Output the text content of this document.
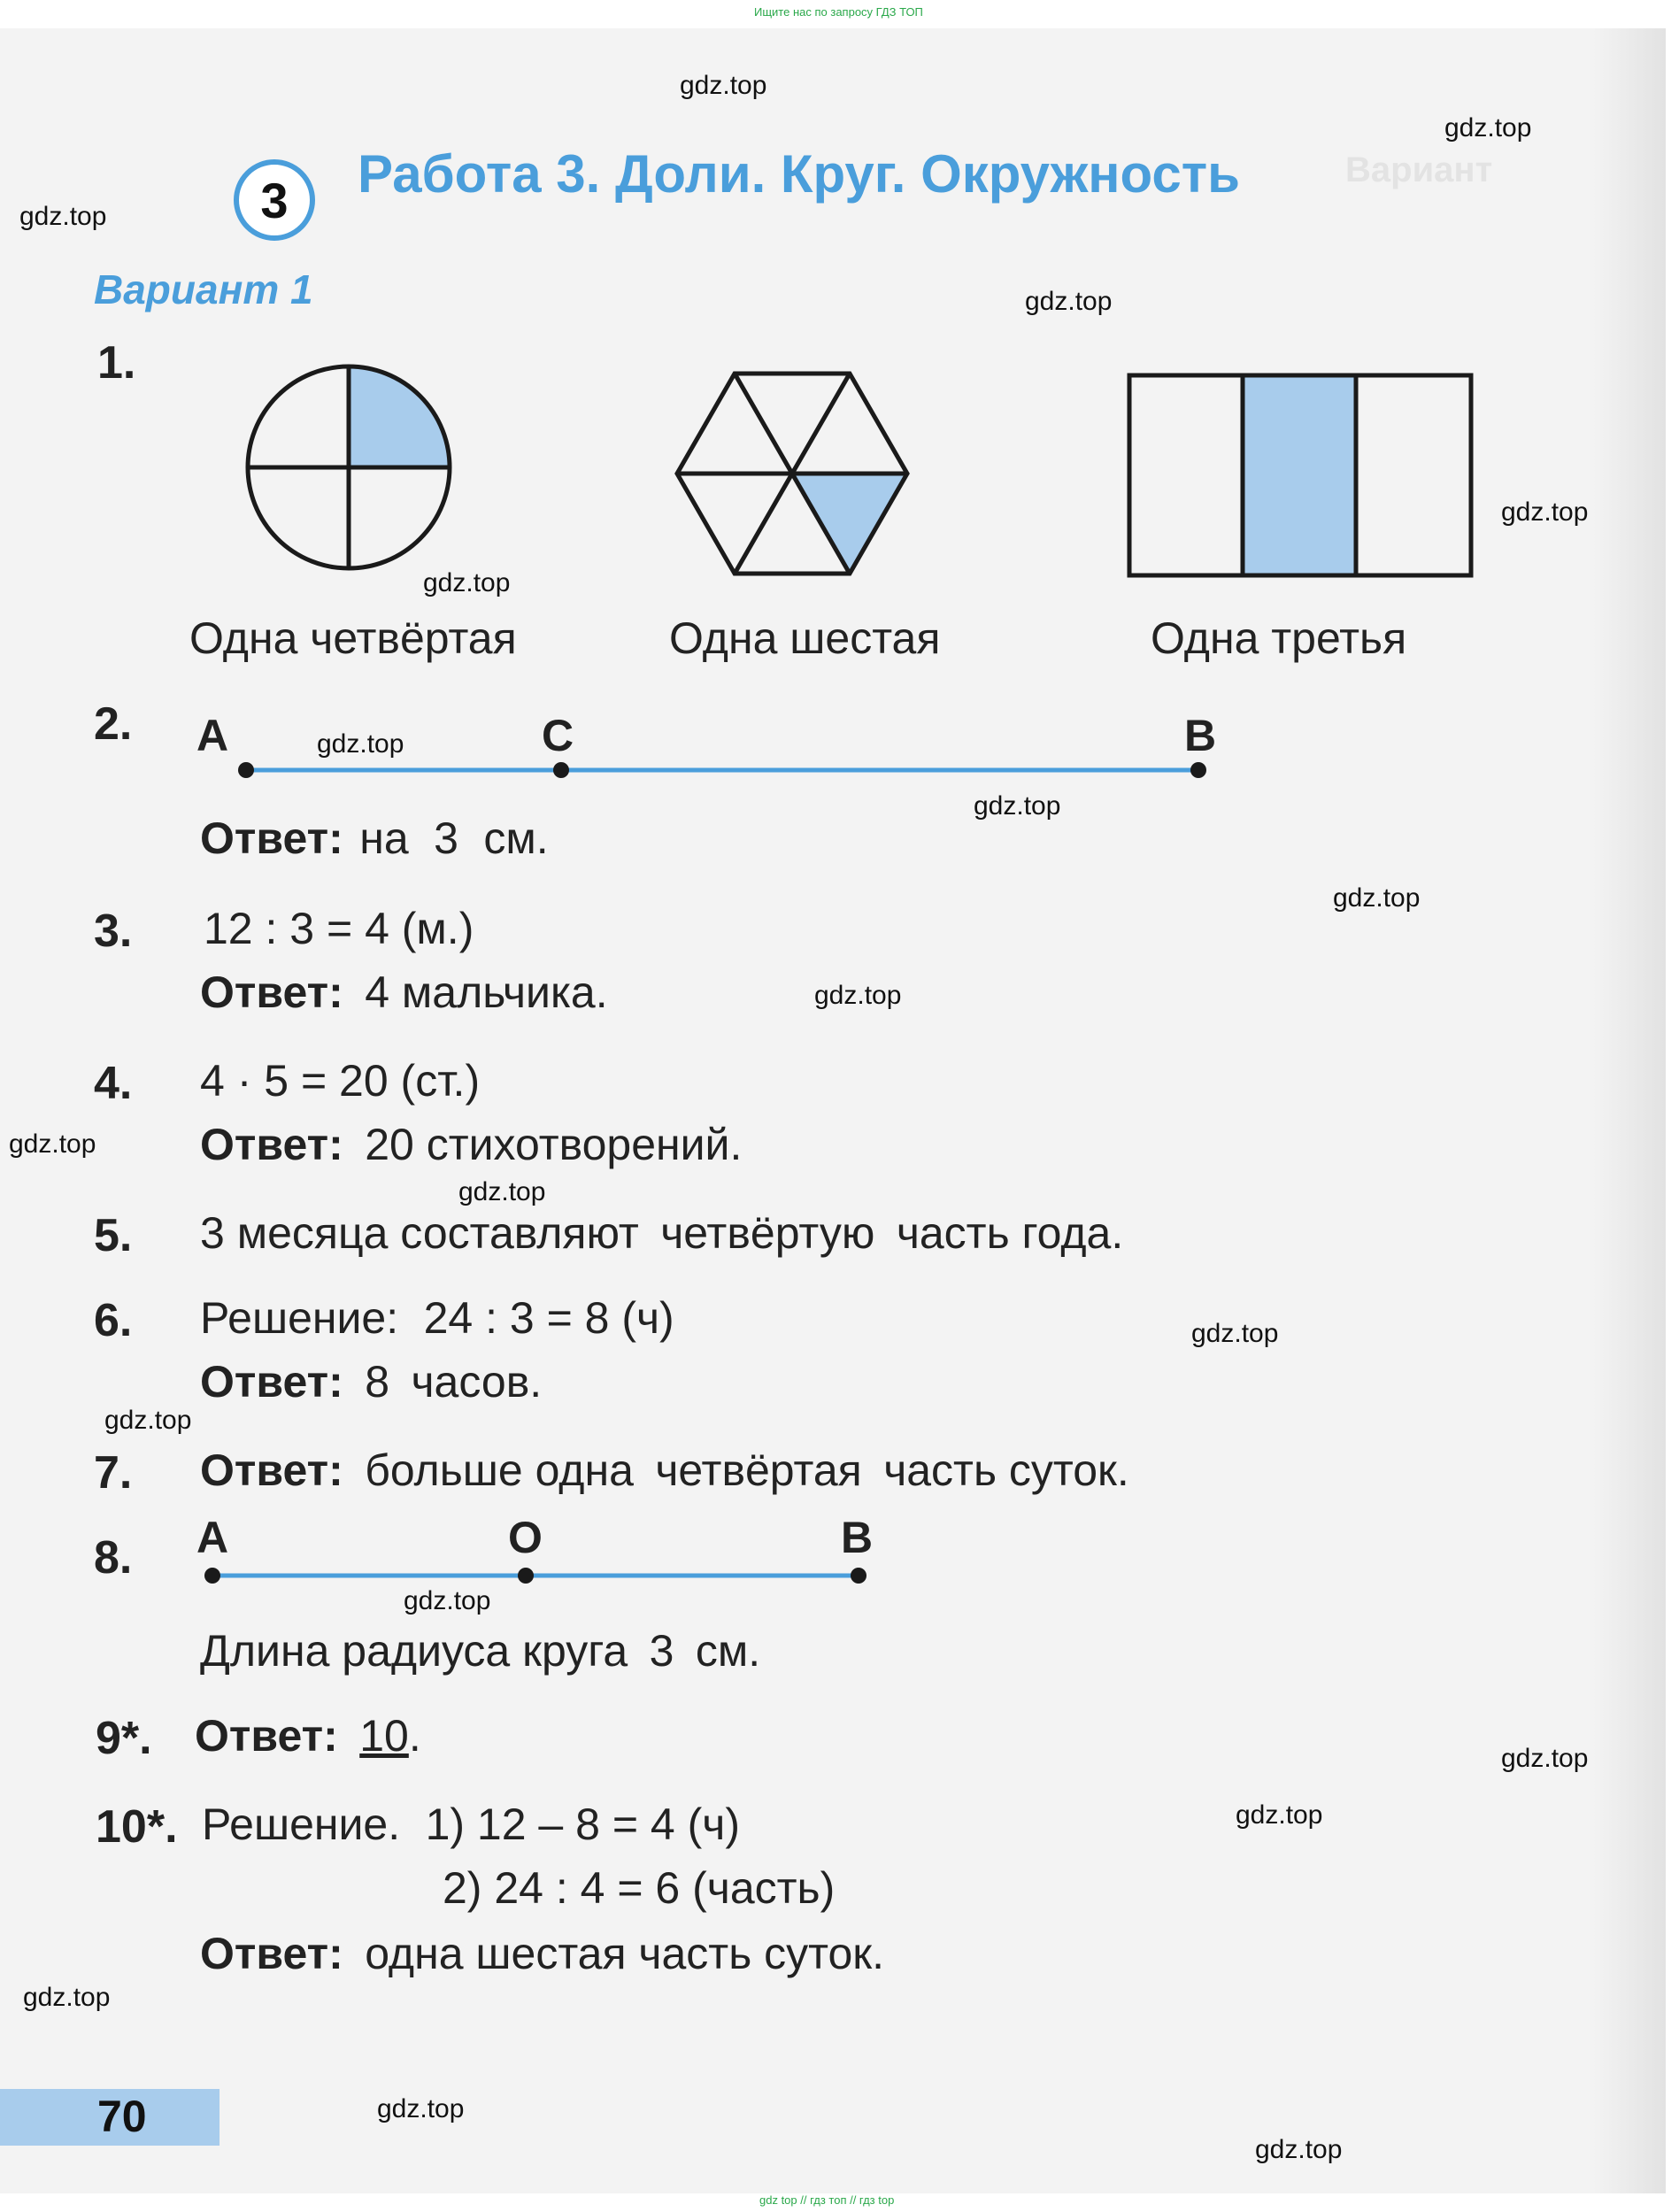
Вариант
Ищите нас по запросу ГДЗ ТОП
gdz.top
gdz.top
gdz.top
gdz.top
gdz.top
gdz.top
gdz.top
gdz.top
gdz.top
gdz.top
gdz.top
gdz.top
gdz.top
gdz.top
gdz.top
gdz.top
gdz.top
gdz.top
gdz.top
gdz.top
3	Работа 3. Доли. Круг. Окружность
Вариант 1
1.
Одна четвёртая	Одна шестая	Одна третья
2. A	C	B
Ответ: на 3 см.
3. 12 : 3 = 4 (м.)
Ответ: 4 мальчика.
4. 4 · 5 = 20 (ст.)
Ответ: 20 стихотворений.
5. 3 месяца составляют четвёртую часть года.
6. Решение: 24 : 3 = 8 (ч)
Ответ: 8 часов.
7. Ответ: больше одна четвёртая часть суток.
8. A	O	B
Длина радиуса круга 3 см.
9*. Ответ: 10.
10*. Решение. 1) 12 – 8 = 4 (ч)
2) 24 : 4 = 6 (часть)
Ответ: одна шестая часть суток.
70
gdz top // гдз топ // гдз top
